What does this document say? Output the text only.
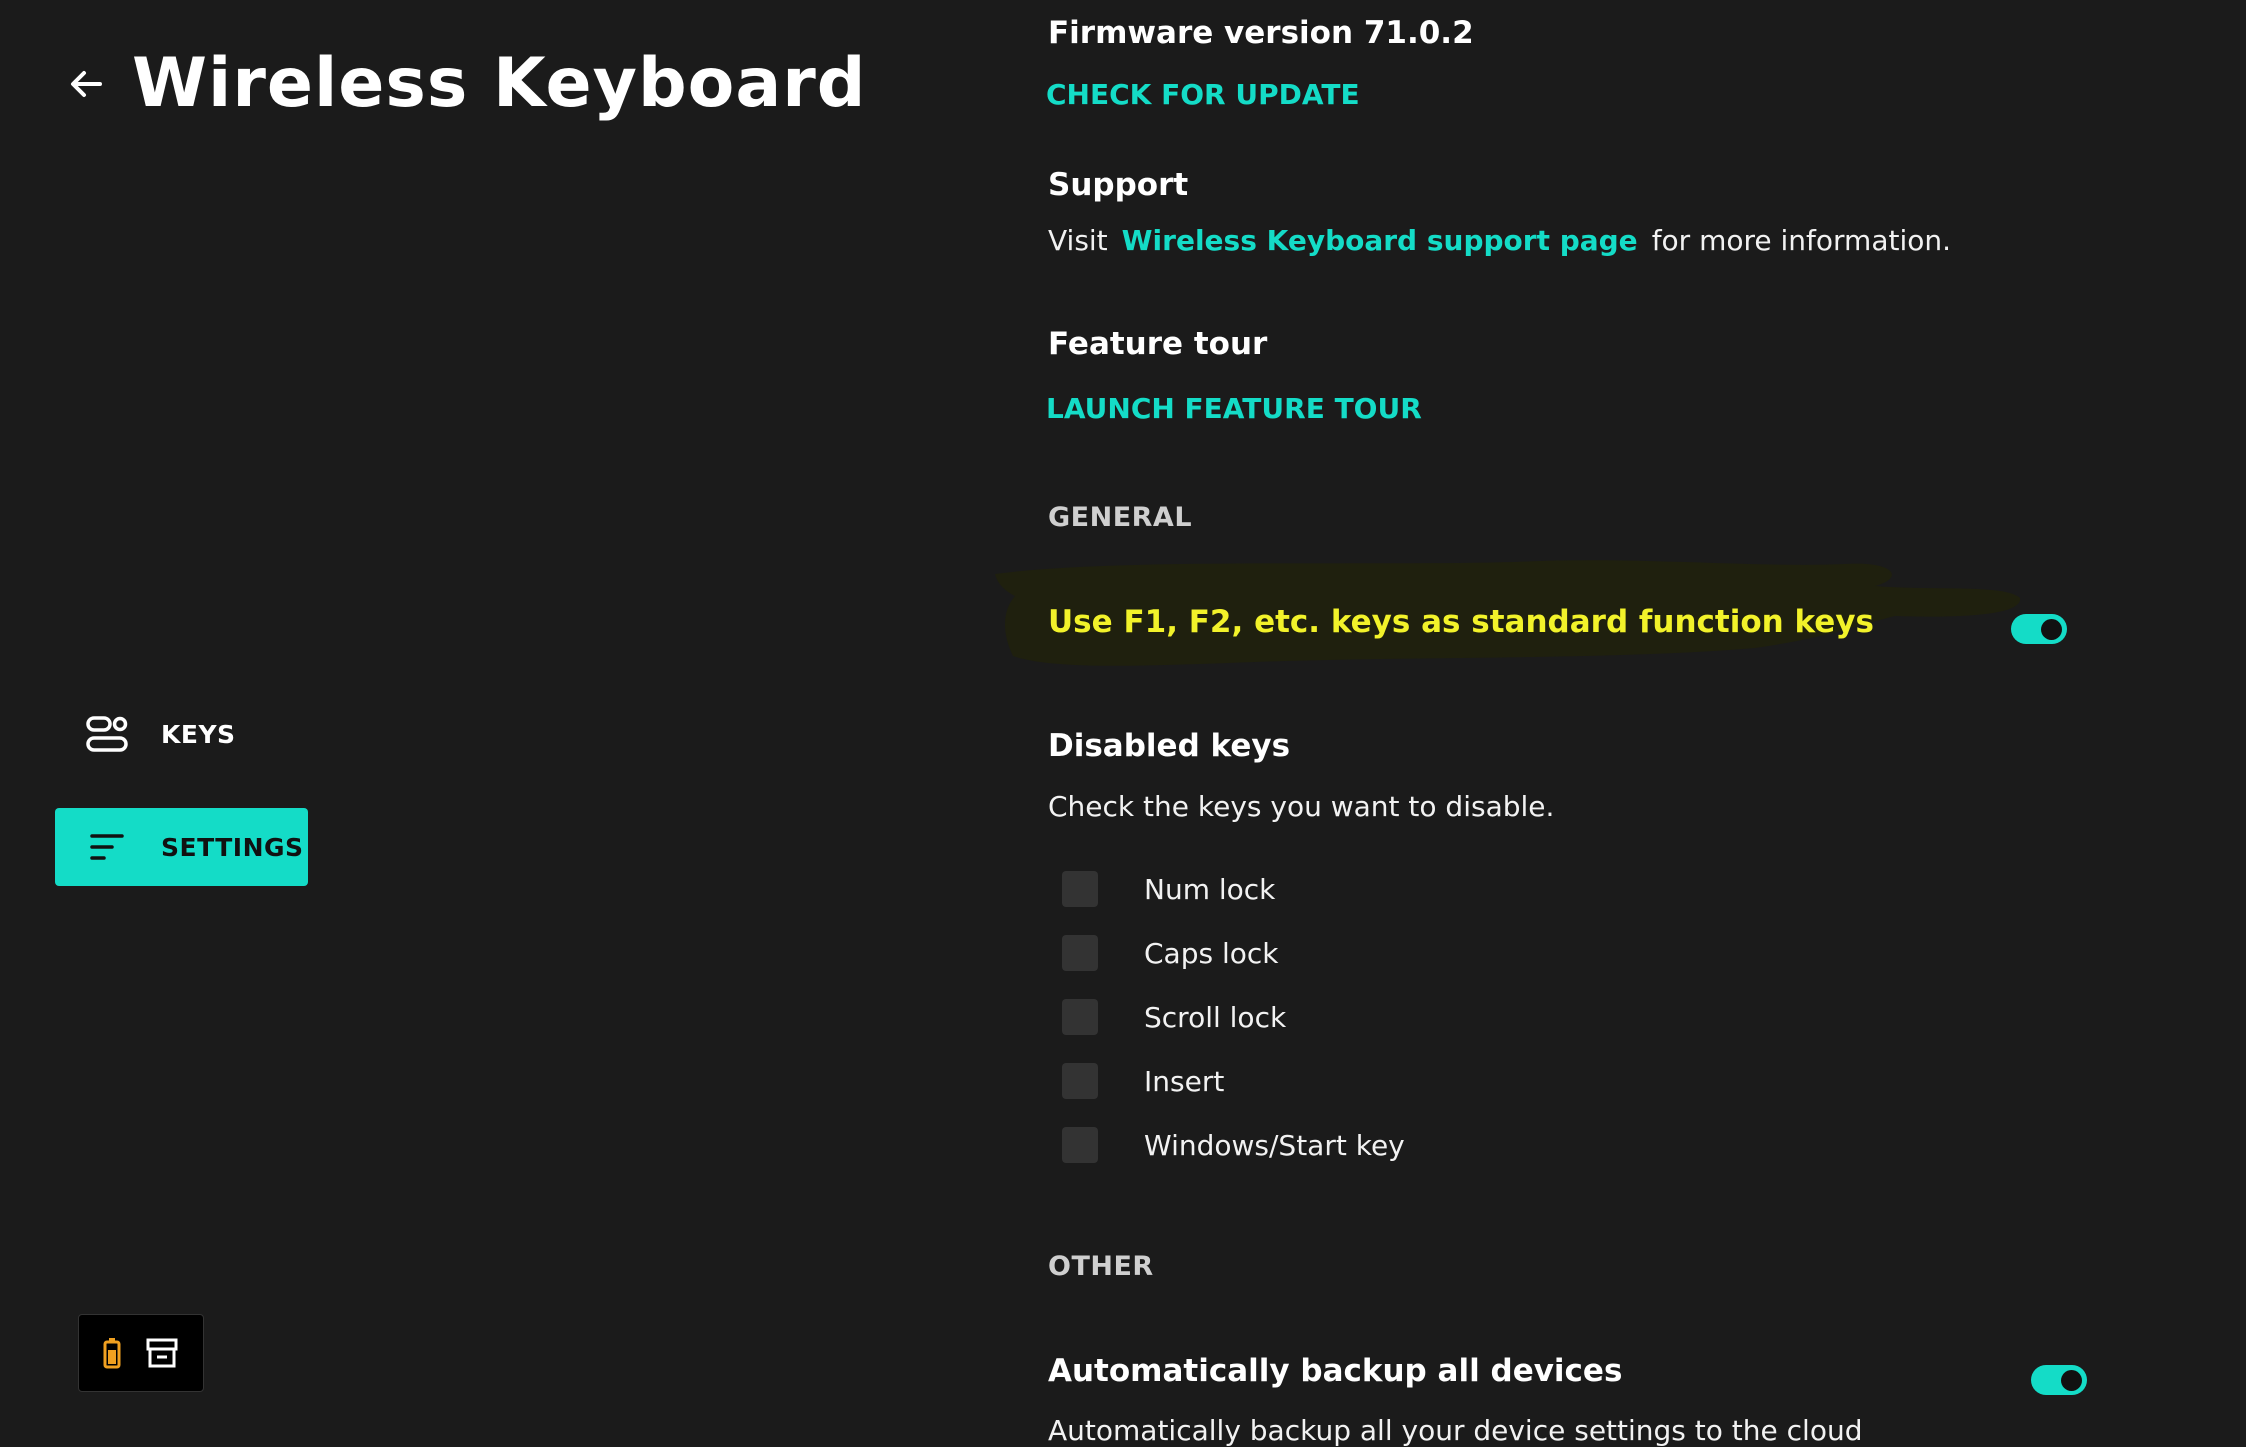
Wireless Keyboard
KEYS
SETTINGS
Firmware version 71.0.2
CHECK FOR UPDATE
Support
Visit Wireless Keyboard support page for more information.
Feature tour
LAUNCH FEATURE TOUR
GENERAL
Use F1, F2, etc. keys as standard function keys
Disabled keys
Check the keys you want to disable.
Num lock
Caps lock
Scroll lock
Insert
Windows/Start key
OTHER
Automatically backup all devices
Automatically backup all your device settings to the cloud
